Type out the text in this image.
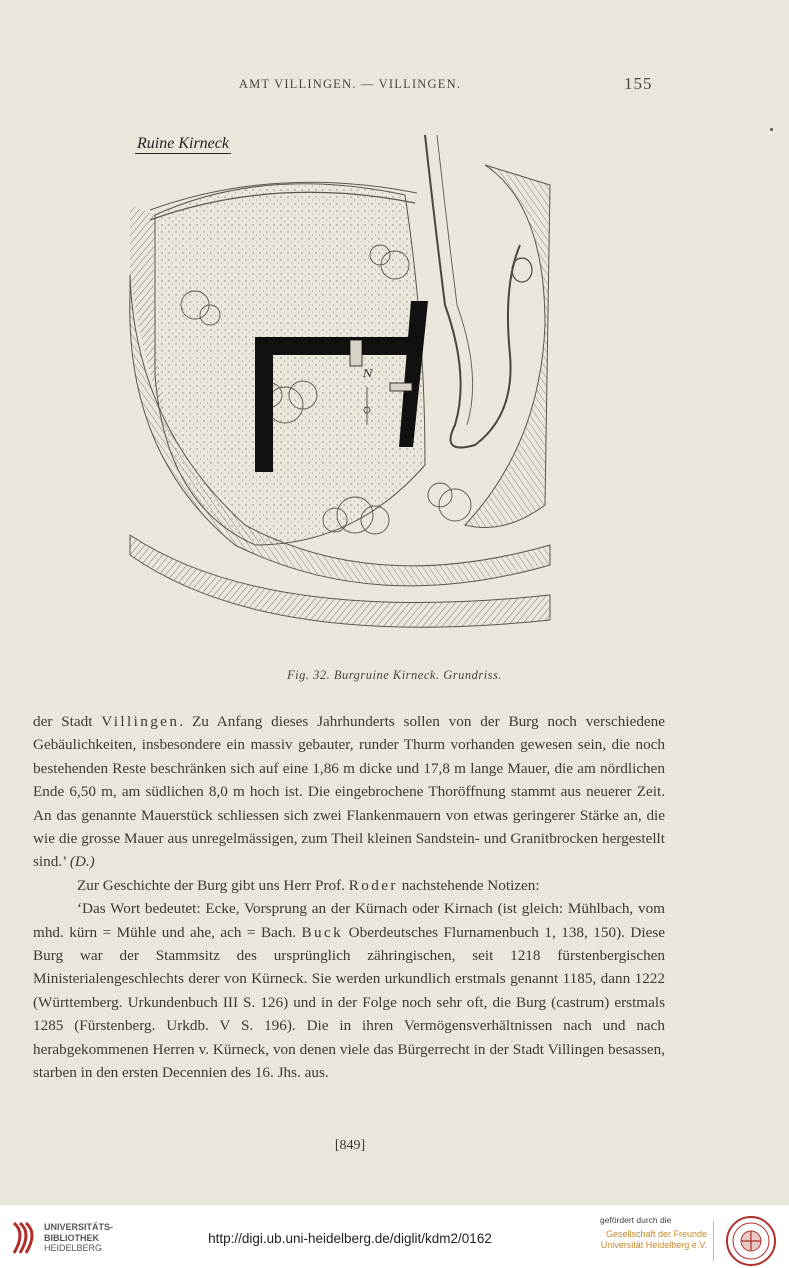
AMT VILLINGEN. — VILLINGEN.	155
N
Ruine Kirneck
Fig. 32. Burgruine Kirneck. Grundriss.

der Stadt Villingen. Zu Anfang dieses Jahrhunderts sollen von der Burg noch verschiedene Gebäulichkeiten, insbesondere ein massiv gebauter, runder Thurm vorhanden gewesen sein, die noch bestehenden Reste beschränken sich auf eine 1,86 m dicke und 17,8 m lange Mauer, die am nördlichen Ende 6,50 m, am südlichen 8,0 m hoch ist. Die eingebrochene Thoröffnung stammt aus neuerer Zeit. An das genannte Mauerstück schliessen sich zwei Flankenmauern von etwas geringerer Stärke an, die wie die grosse Mauer aus unregelmässigen, zum Theil kleinen Sandstein- und Granitbrocken hergestellt sind.’ (D.)

Zur Geschichte der Burg gibt uns Herr Prof. Roder nachstehende Notizen:

‘Das Wort bedeutet: Ecke, Vorsprung an der Kürnach oder Kirnach (ist gleich: Mühlbach, vom mhd. kürn = Mühle und ahe, ach = Bach. Buck Oberdeutsches Flurnamenbuch 1, 138, 150). Diese Burg war der Stammsitz des ursprünglich zähringischen, seit 1218 fürstenbergischen Ministerialengeschlechts derer von Kürneck. Sie werden urkundlich erstmals genannt 1185, dann 1222 (Württemberg. Urkundenbuch III S. 126) und in der Folge noch sehr oft, die Burg (castrum) erstmals 1285 (Fürstenberg. Urkdb. V S. 196). Die in ihren Vermögensverhältnissen nach und nach herabgekommenen Herren v. Kürneck, von denen viele das Bürgerrecht in der Stadt Villingen besassen, starben in den ersten Decennien des 16. Jhs. aus.

[849]
UNIVERSITÄTS-
BIBLIOTHEK
HEIDELBERG
http://digi.ub.uni-heidelberg.de/diglit/kdm2/0162
gefördert durch die
Gesellschaft der Freunde
Universität Heidelberg e.V.
